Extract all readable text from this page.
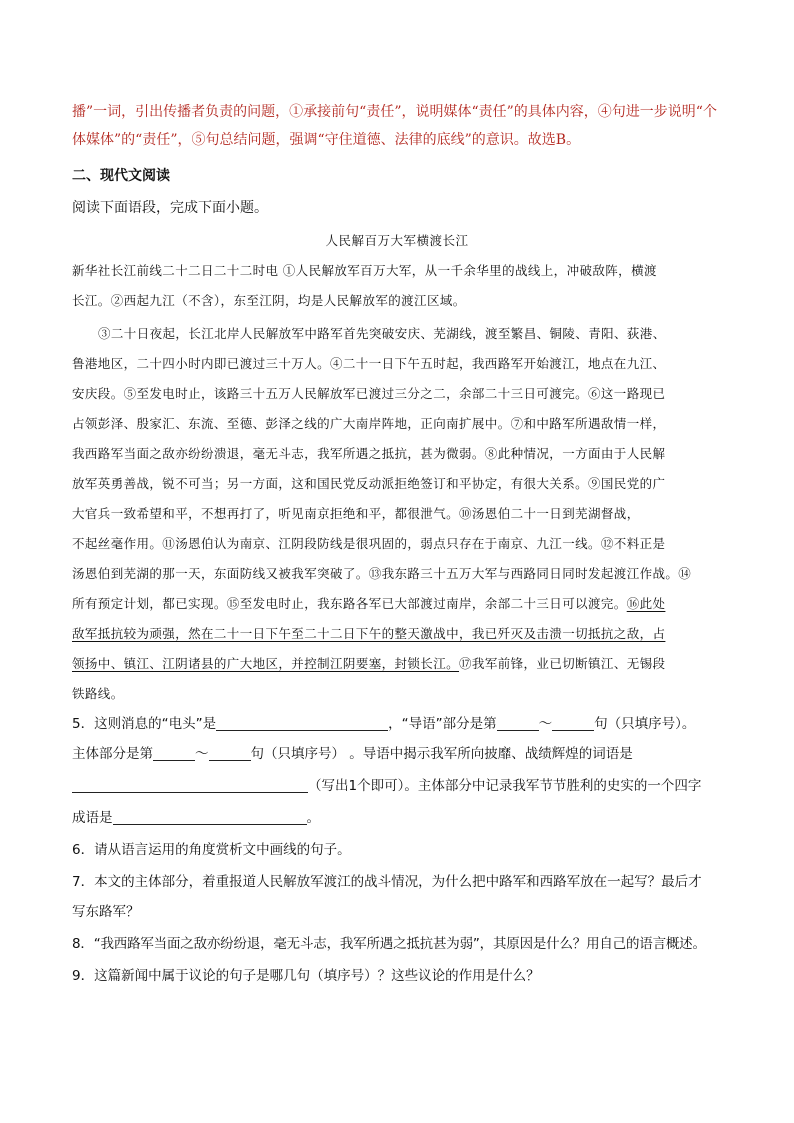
播”一词，引出传播者负责的问题，①承接前句“责任”，说明媒体“责任”的具体内容，④句进一步说明“个
体媒体”的“责任”，⑤句总结问题，强调“守住道德、法律的底线”的意识。故选B。
二、现代文阅读
阅读下面语段，完成下面小题。
人民解百万大军横渡长江
新华社长江前线二十二日二十二时电 ①人民解放军百万大军，从一千余华里的战线上，冲破敌阵，横渡
长江。②西起九江（不含），东至江阴，均是人民解放军的渡江区域。
③二十日夜起，长江北岸人民解放军中路军首先突破安庆、芜湖线，渡至繁昌、铜陵、青阳、荻港、
鲁港地区，二十四小时内即已渡过三十万人。④二十一日下午五时起，我西路军开始渡江，地点在九江、
安庆段。⑤至发电时止，该路三十五万人民解放军已渡过三分之二，余部二十三日可渡完。⑥这一路现已
占领彭泽、殷家汇、东流、至德、彭泽之线的广大南岸阵地，正向南扩展中。⑦和中路军所遇敌情一样，
我西路军当面之敌亦纷纷溃退，毫无斗志，我军所遇之抵抗，甚为微弱。⑧此种情况，一方面由于人民解
放军英勇善战，锐不可当；另一方面，这和国民党反动派拒绝签订和平协定，有很大关系。⑨国民党的广
大官兵一致希望和平，不想再打了，听见南京拒绝和平，都很泄气。⑩汤恩伯二十一日到芜湖督战，
不起丝毫作用。⑪汤恩伯认为南京、江阴段防线是很巩固的，弱点只存在于南京、九江一线。⑫不料正是
汤恩伯到芜湖的那一天，东面防线又被我军突破了。⑬我东路三十五万大军与西路同日同时发起渡江作战。⑭
所有预定计划，都已实现。⑮至发电时止，我东路各军已大部渡过南岸，余部二十三日可以渡完。⑯此处
敌军抵抗较为顽强，然在二十一日下午至二十二日下午的整天激战中，我已歼灭及击溃一切抵抗之敌，占
领扬中、镇江、江阴诸县的广大地区，并控制江阴要塞，封锁长江。⑰我军前锋，业已切断镇江、无锡段
铁路线。
5．这则消息的“电头”是	，“导语”部分是第	～	句（只填序号）。
主体部分是第	～	句（只填序号） 。导语中揭示我军所向披靡、战绩辉煌的词语是
（写出1个即可）。主体部分中记录我军节节胜利的史实的一个四字
成语是	。
6．请从语言运用的角度赏析文中画线的句子。
7．本文的主体部分，着重报道人民解放军渡江的战斗情况，为什么把中路军和西路军放在一起写？最后才
写东路军？
8．“我西路军当面之敌亦纷纷退，毫无斗志，我军所遇之抵抗甚为弱”，其原因是什么？用自己的语言概述。
9．这篇新闻中属于议论的句子是哪几句（填序号）？这些议论的作用是什么？
